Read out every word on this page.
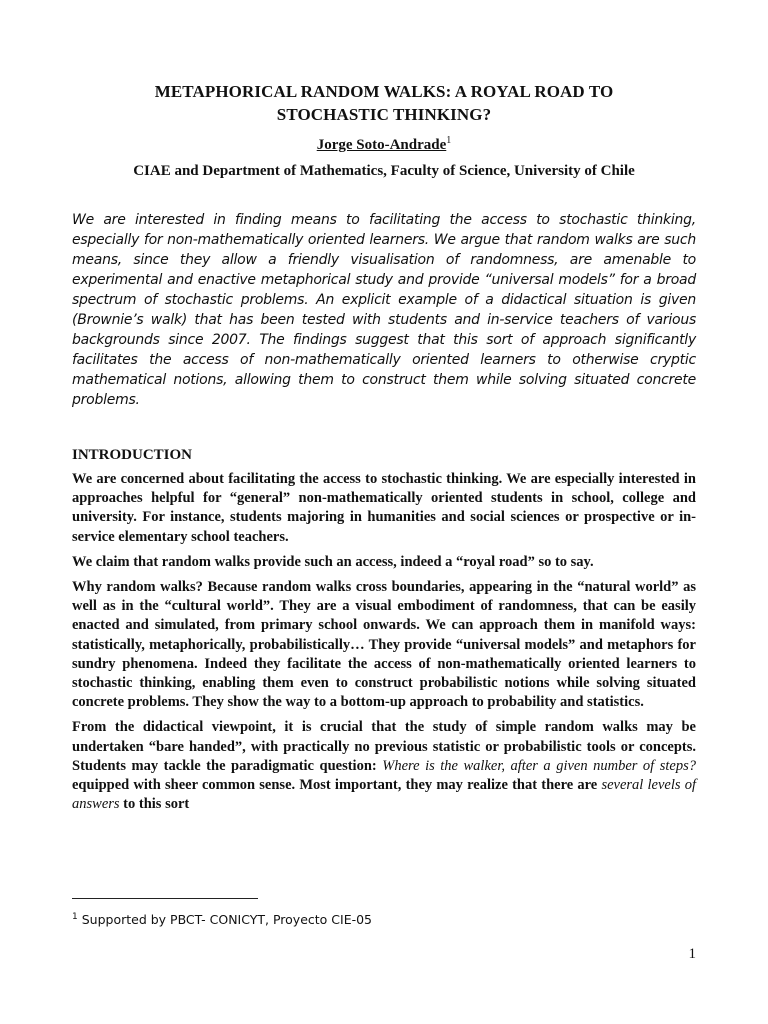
METAPHORICAL RANDOM WALKS: A ROYAL ROAD TO
STOCHASTIC THINKING?
Jorge Soto-Andrade$^1$
CIAE and Department of Mathematics, Faculty of Science, University of Chile
We are interested in finding means to facilitating the access to stochastic thinking, especially for non-mathematically oriented learners. We argue that random walks are such means, since they allow a friendly visualisation of randomness, are amenable to experimental and enactive metaphorical study and provide “universal models” for a broad spectrum of stochastic problems. An explicit example of a didactical situation is given (Brownie’s walk) that has been tested with students and in-service teachers of various backgrounds since 2007. The findings suggest that this sort of approach significantly facilitates the access of non-mathematically oriented learners to otherwise cryptic mathematical notions, allowing them to construct them while solving situated concrete problems.
INTRODUCTION

We are concerned about facilitating the access to stochastic thinking. We are especially interested in approaches helpful for “general” non-mathematically oriented students in school, college and university. For instance, students majoring in humanities and social sciences or prospective or in-service elementary school teachers.

We claim that random walks provide such an access, indeed a “royal road” so to say.

Why random walks? Because random walks cross boundaries, appearing in the “natural world” as well as in the “cultural world”. They are a visual embodiment of randomness, that can be easily enacted and simulated, from primary school onwards. We can approach them in manifold ways: statistically, metaphorically, probabilistically… They provide “universal models” and metaphors for sundry phenomena. Indeed they facilitate the access of non-mathematically oriented learners to stochastic thinking, enabling them even to construct probabilistic notions while solving situated concrete problems. They show the way to a bottom-up approach to probability and statistics.

From the didactical viewpoint, it is crucial that the study of simple random walks may be undertaken “bare handed”, with practically no previous statistic or probabilistic tools or concepts. Students may tackle the paradigmatic question: Where is the walker, after a given number of steps? equipped with sheer common sense. Most important, they may realize that there are several levels of answers to this sort

$^1$ Supported by PBCT- CONICYT, Proyecto CIE-05
1
